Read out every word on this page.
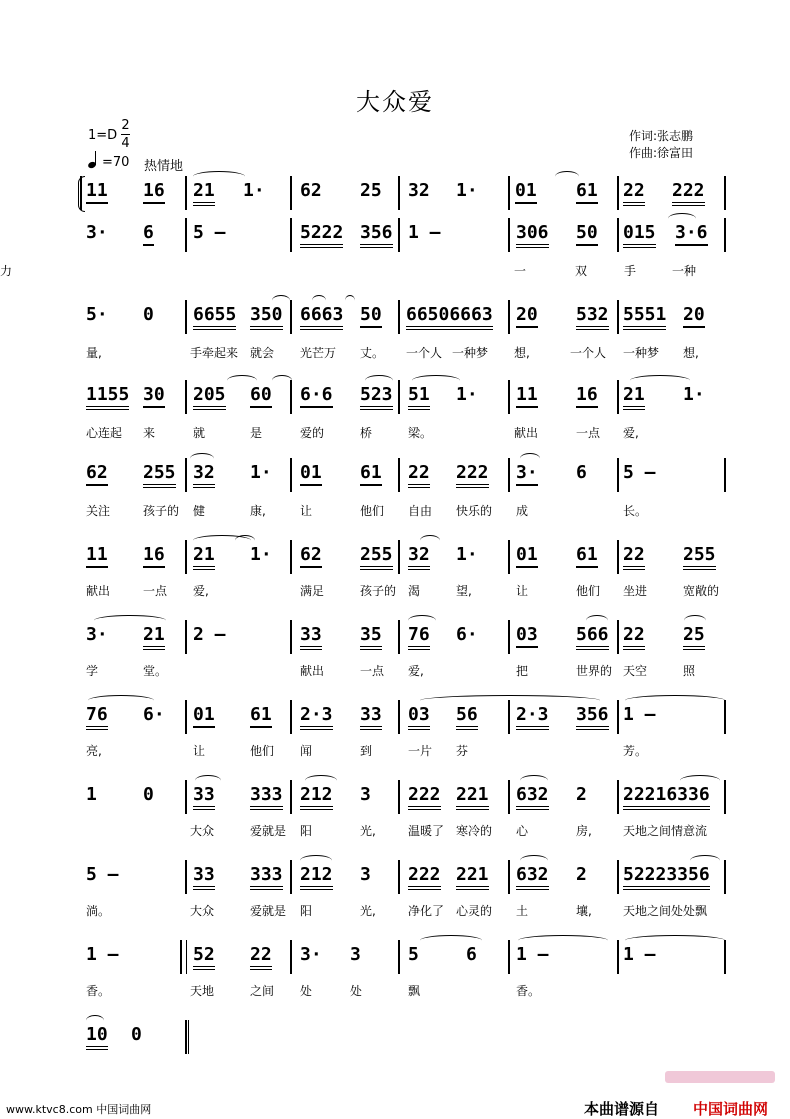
大众爱
1=D
2
4
=70 热情地
作词:张志鹏
作曲:徐富田
11 16 21 1· 62 25 32 1· 01 61 22 222
3· 6 5 —	5222 356 1 —	306 50 015 3·6
一	双	手	一种
力
5· 0 6655 350 6663 50 66506663 20 532 5551 20
量,	手牵起来 就会 光芒万 丈。 一个人 一种梦 想,	一个人 一种梦 想,
1155 30 205 60 6·6 523 51 1· 11 16 21 1·
心连起 来	就	是	爱的	桥	梁。	献出	一点 爱,
62 255 32 1· 01 61 22 222 3· 6 5 —
关注	孩子的 健	康,	让	他们 自由 快乐的 成	长。
11 16 21 1· 62 255 32 1· 01 61 22 255
献出	一点 爱,	满足	孩子的 渴	望,	让	他们 坐进	宽敞的
3· 21 2 —	33 35 76 6· 03 566 22 25
学	堂。	献出	一点 爱,	把	世界的 天空	照
76 6· 01 61 2·3 33 03 56 2·3 356 1 —
亮,	让	他们 闻	到	一片 芬	芳。
1	0 33 333 212 3 222 221 632 2 22216336
大众	爱就是 阳	光,	温暖了 寒冷的 心	房,	天地之间情意流
5 —	33 333 212 3 222 221 632 2 52223356
淌。	大众	爱就是 阳	光,	净化了 心灵的 土	壤,	天地之间处处飘
1 —	52 22 3· 3	5	6 1 —	1 —
香。	天地	之间 处	处	飘	香。
10 0
www.ktvc8.com 中国词曲网	本曲谱源自 中国词曲网
